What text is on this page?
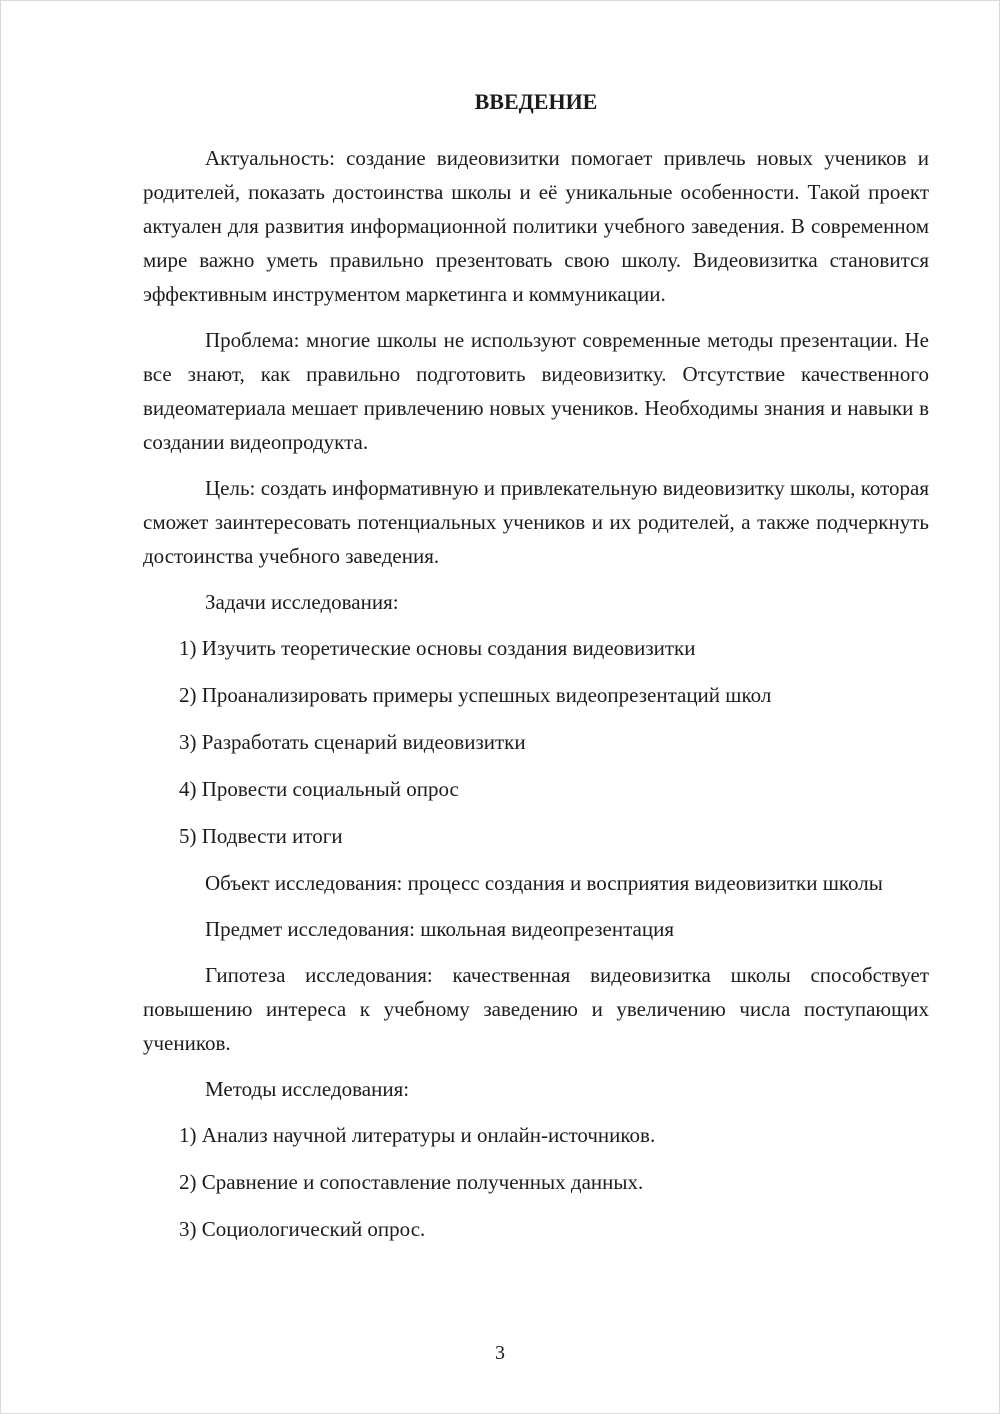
ВВЕДЕНИЕ

Актуальность: создание видеовизитки помогает привлечь новых учеников и родителей, показать достоинства школы и её уникальные особенности. Такой проект актуален для развития информационной политики учебного заведения. В современном мире важно уметь правильно презентовать свою школу. Видеовизитка становится эффективным инструментом маркетинга и коммуникации.

Проблема: многие школы не используют современные методы презентации. Не все знают, как правильно подготовить видеовизитку. Отсутствие качественного видеоматериала мешает привлечению новых учеников. Необходимы знания и навыки в создании видеопродукта.

Цель: создать информативную и привлекательную видеовизитку школы, которая сможет заинтересовать потенциальных учеников и их родителей, а также подчеркнуть достоинства учебного заведения.

Задачи исследования:

1) Изучить теоретические основы создания видеовизитки

2) Проанализировать примеры успешных видеопрезентаций школ

3) Разработать сценарий видеовизитки

4) Провести социальный опрос

5) Подвести итоги

Объект исследования: процесс создания и восприятия видеовизитки школы

Предмет исследования: школьная видеопрезентация

Гипотеза исследования: качественная видеовизитка школы способствует повышению интереса к учебному заведению и увеличению числа поступающих учеников.

Методы исследования:

1) Анализ научной литературы и онлайн-источников.

2) Сравнение и сопоставление полученных данных.

3) Социологический опрос.

3
